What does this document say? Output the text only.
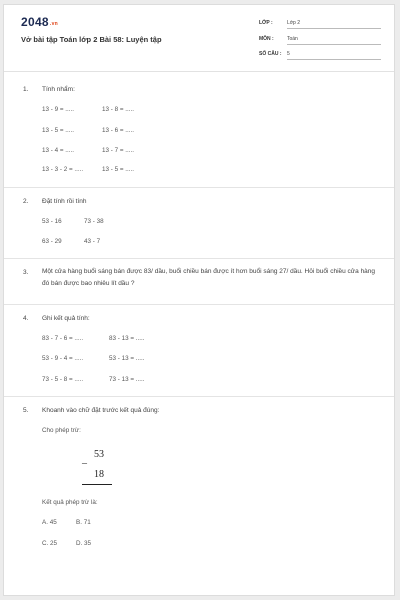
2048.vn
Vở bài tập Toán lớp 2 Bài 58: Luyện tập
LỚP :	Lớp 2
MÔN :	Toán
SỐ CÂU : 5
1. Tính nhẩm:
13 - 9 = .....	13 - 8 = .....
13 - 5 = .....	13 - 6 = .....
13 - 4 = .....	13 - 7 = .....
13 - 3 - 2 = .....	13 - 5 = .....
2. Đặt tính rồi tính
53 - 16	73 - 38
63 - 29	43 - 7
3. Một cửa hàng buổi sáng bán được 83/ dầu, buổi chiều bán được ít hơn buổi sáng 27/ dầu. Hỏi buổi chiều cửa hàng đó bán được bao nhiêu lít dầu ?
4. Ghi kết quả tính:
83 - 7 - 6 = .....	83 - 13 = .....
53 - 9 - 4 = .....	53 - 13 = .....
73 - 5 - 8 = .....	73 - 13 = .....
5. Khoanh vào chữ đặt trước kết quả đúng:
Cho phép trừ:
53
–
18
Kết quả phép trừ là:
A. 45	B. 71
C. 25	D. 35
